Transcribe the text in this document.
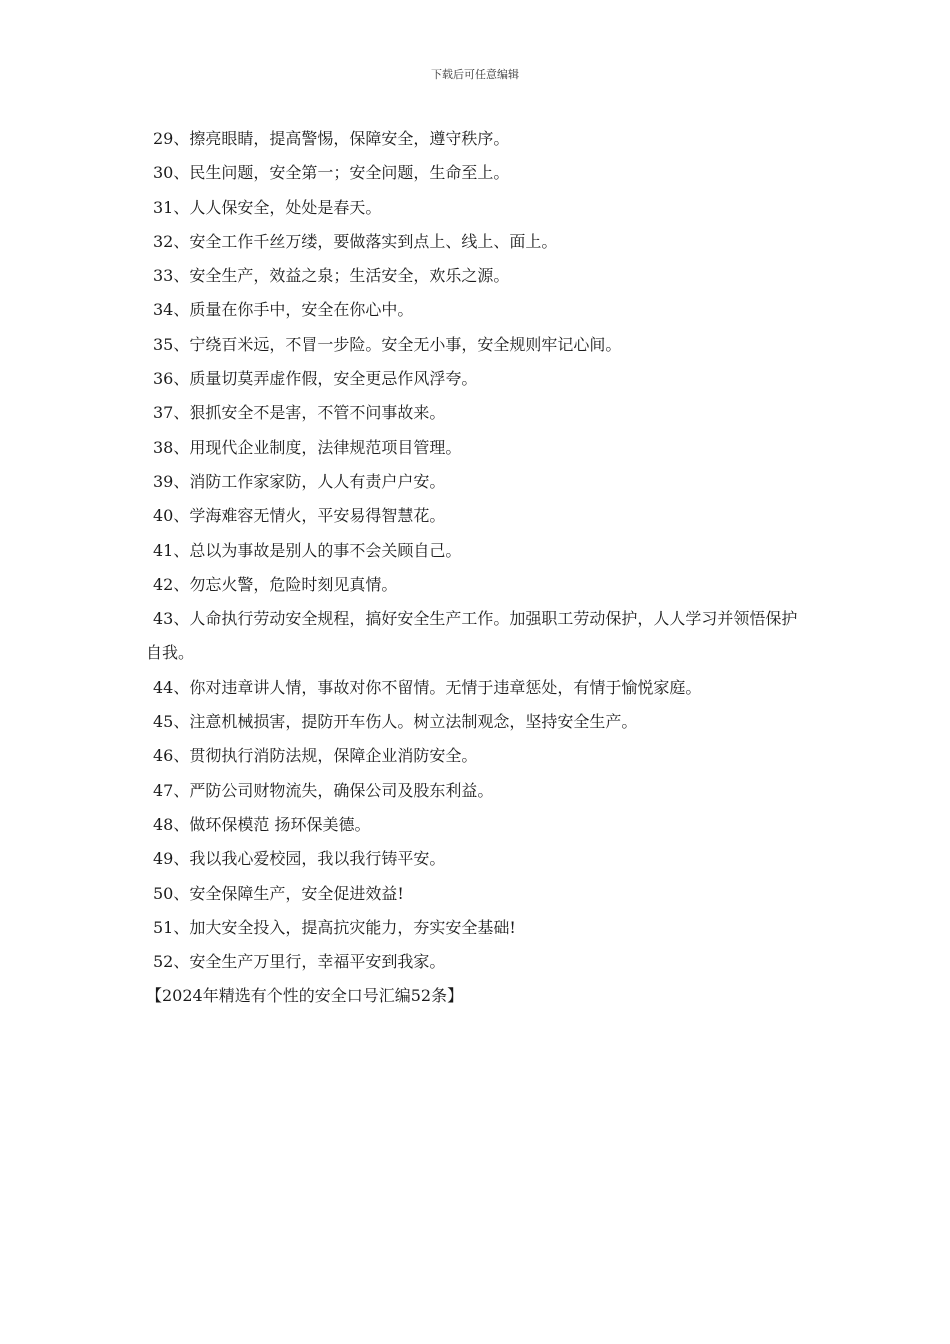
下载后可任意编辑

29、擦亮眼睛，提高警惕，保障安全，遵守秩序。

30、民生问题，安全第一；安全问题，生命至上。

31、人人保安全，处处是春天。

32、安全工作千丝万缕，要做落实到点上、线上、面上。

33、安全生产，效益之泉；生活安全，欢乐之源。

34、质量在你手中，安全在你心中。

35、宁绕百米远，不冒一步险。安全无小事，安全规则牢记心间。

36、质量切莫弄虚作假，安全更忌作风浮夸。

37、狠抓安全不是害，不管不问事故来。

38、用现代企业制度，法律规范项目管理。

39、消防工作家家防，人人有责户户安。

40、学海难容无情火，平安易得智慧花。

41、总以为事故是别人的事不会关顾自己。

42、勿忘火警，危险时刻见真情。

43、人命执行劳动安全规程，搞好安全生产工作。加强职工劳动保护，人人学习并领悟保护自我。

44、你对违章讲人情，事故对你不留情。无情于违章惩处，有情于愉悦家庭。

45、注意机械损害，提防开车伤人。树立法制观念，坚持安全生产。

46、贯彻执行消防法规，保障企业消防安全。

47、严防公司财物流失，确保公司及股东利益。

48、做环保模范 扬环保美德。

49、我以我心爱校园，我以我行铸平安。

50、安全保障生产，安全促进效益!

51、加大安全投入，提高抗灾能力，夯实安全基础!

52、安全生产万里行，幸福平安到我家。

【2024年精选有个性的安全口号汇编52条】
